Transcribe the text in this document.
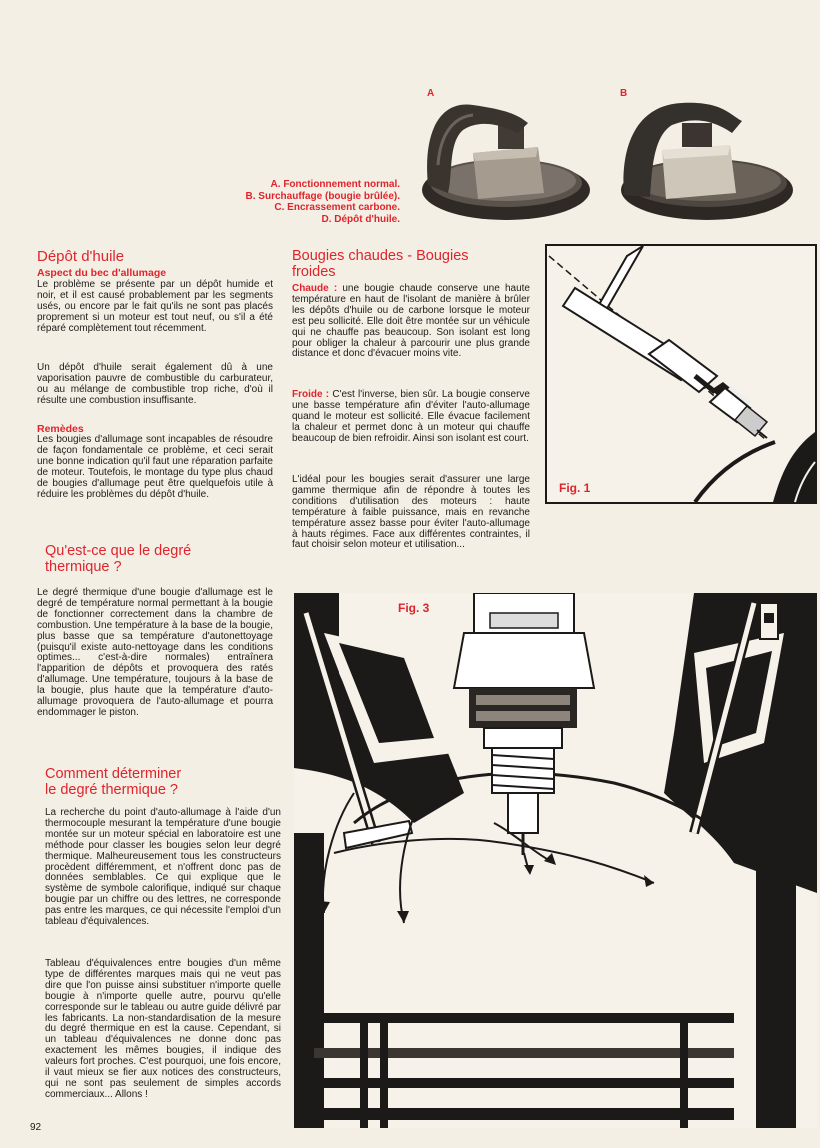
A	B
A. Fonctionnement normal.
B. Surchauffage (bougie brûlée).
C. Encrassement carbone.
D. Dépôt d'huile.
Dépôt d'huile
Aspect du bec d'allumage

Le problème se présente par un dépôt humide et noir, et il est causé probablement par les segments usés, ou encore par le fait qu'ils ne sont pas placés proprement si un moteur est tout neuf, ou s'il a été réparé complètement tout récemment.

Un dépôt d'huile serait également dû à une vaporisation pauvre de combustible du carburateur, ou au mélange de combustible trop riche, d'où il résulte une combustion insuffisante.

Remèdes

Les bougies d'allumage sont incapables de résoudre de façon fondamentale ce problème, et ceci serait une bonne indication qu'il faut une réparation parfaite de moteur. Toutefois, le montage du type plus chaud de bougies d'allumage peut être quelquefois utile à réduire les problèmes du dépôt d'huile.

Qu'est-ce que le degré
thermique ?

Le degré thermique d'une bougie d'allumage est le degré de température normal permettant à la bougie de fonctionner correctement dans la chambre de combustion. Une température à la base de la bougie, plus basse que sa température d'autonettoyage (puisqu'il existe auto-nettoyage dans les conditions optimes... c'est-à-dire normales) entraînera l'apparition de dépôts et provoquera des ratés d'allumage. Une température, toujours à la base de la bougie, plus haute que la température d'auto-allumage provoquera de l'auto-allumage et pourra endommager le piston.

Comment déterminer
le degré thermique ?

La recherche du point d'auto-allumage à l'aide d'un thermocouple mesurant la température d'une bougie montée sur un moteur spécial en laboratoire est une méthode pour classer les bougies selon leur degré thermique. Malheureusement tous les constructeurs procèdent différemment, et n'offrent donc pas de données semblables. Ce qui explique que le système de symbole calorifique, indiqué sur chaque bougie par un chiffre ou des lettres, ne corresponde pas entre les marques, ce qui nécessite l'emploi d'un tableau d'équivalences.

Tableau d'équivalences entre bougies d'un même type de différentes marques mais qui ne veut pas dire que l'on puisse ainsi substituer n'importe quelle bougie à n'importe quelle autre, pourvu qu'elle corresponde sur le tableau ou autre guide délivré par les fabricants. La non-standardisation de la mesure du degré thermique en est la cause. Cependant, si un tableau d'équivalences ne donne donc pas exactement les mêmes bougies, il indique des valeurs fort proches. C'est pourquoi, une fois encore, il vaut mieux se fier aux notices des constructeurs, qui ne sont pas seulement de simples accords commerciaux... Allons !

92
Bougies chaudes - Bougies
froides

Chaude : une bougie chaude conserve une haute température en haut de l'isolant de manière à brûler les dépôts d'huile ou de carbone lorsque le moteur est peu sollicité. Elle doit être montée sur un véhicule qui ne chauffe pas beaucoup. Son isolant est long pour obliger la chaleur à parcourir une plus grande distance et donc d'évacuer moins vite.

Froide : C'est l'inverse, bien sûr. La bougie conserve une basse température afin d'éviter l'auto-allumage quand le moteur est sollicité. Elle évacue facilement la chaleur et permet donc à un moteur qui chauffe beaucoup de bien refroidir. Ainsi son isolant est court.

L'idéal pour les bougies serait d'assurer une large gamme thermique afin de répondre à toutes les conditions d'utilisation des moteurs : haute température à faible puissance, mais en revanche température assez basse pour éviter l'auto-allumage à hauts régimes. Face aux différentes contraintes, il faut choisir selon moteur et utilisation...

Fig. 1
Fig. 3
